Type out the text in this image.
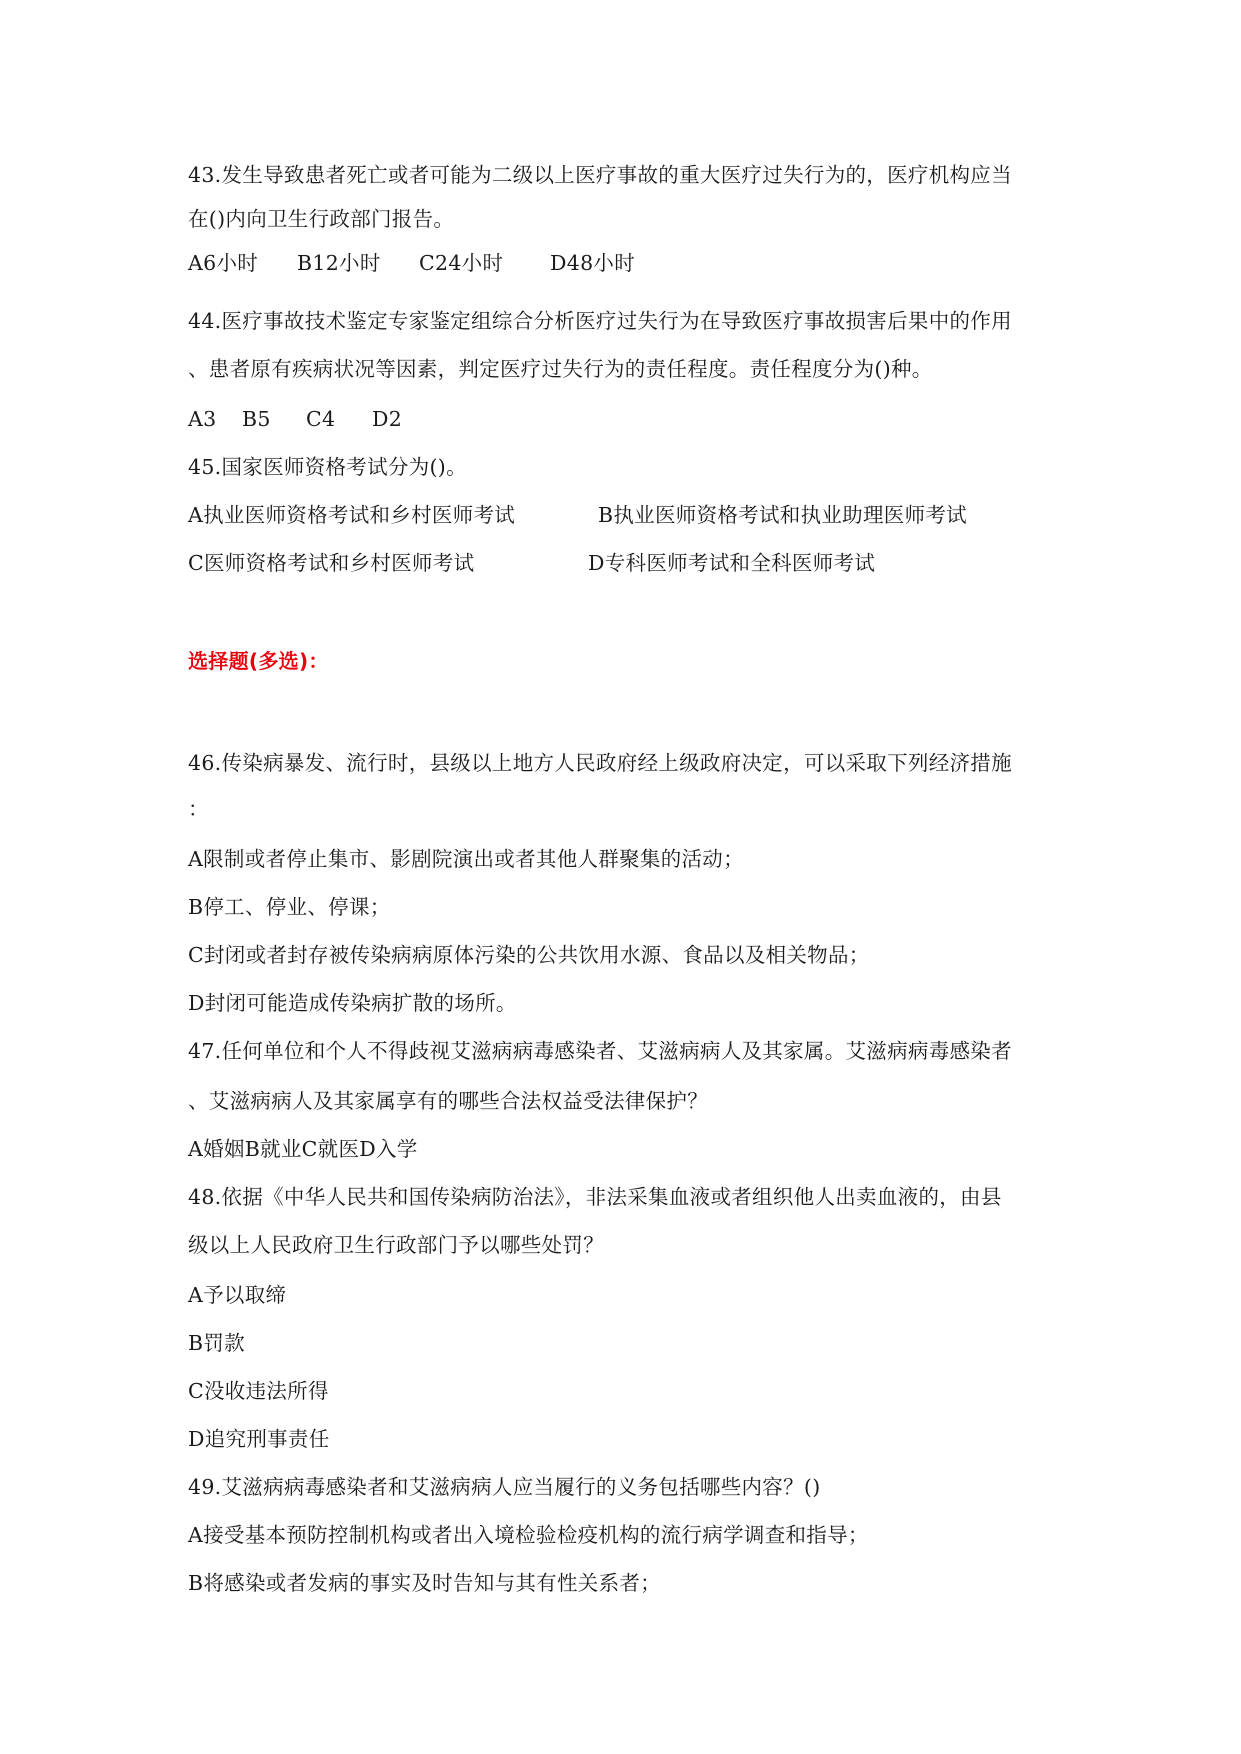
43.发生导致患者死亡或者可能为二级以上医疗事故的重大医疗过失行为的，医疗机构应当
在()内向卫生行政部门报告。
A6小时 B12小时 C24小时 D48小时
44.医疗事故技术鉴定专家鉴定组综合分析医疗过失行为在导致医疗事故损害后果中的作用
、患者原有疾病状况等因素，判定医疗过失行为的责任程度。责任程度分为()种。
A3 B5 C4 D2
45.国家医师资格考试分为()。
A执业医师资格考试和乡村医师考试	B执业医师资格考试和执业助理医师考试
C医师资格考试和乡村医师考试	D专科医师考试和全科医师考试
选择题(多选)：
46.传染病暴发、流行时，县级以上地方人民政府经上级政府决定，可以采取下列经济措施
：
A限制或者停止集市、影剧院演出或者其他人群聚集的活动；
B停工、停业、停课；
C封闭或者封存被传染病病原体污染的公共饮用水源、食品以及相关物品；
D封闭可能造成传染病扩散的场所。
47.任何单位和个人不得歧视艾滋病病毒感染者、艾滋病病人及其家属。艾滋病病毒感染者
、艾滋病病人及其家属享有的哪些合法权益受法律保护？
A婚姻B就业C就医D入学
48.依据《中华人民共和国传染病防治法》，非法采集血液或者组织他人出卖血液的，由县
级以上人民政府卫生行政部门予以哪些处罚？
A予以取缔
B罚款
C没收违法所得
D追究刑事责任
49.艾滋病病毒感染者和艾滋病病人应当履行的义务包括哪些内容？()
A接受基本预防控制机构或者出入境检验检疫机构的流行病学调查和指导；
B将感染或者发病的事实及时告知与其有性关系者；
